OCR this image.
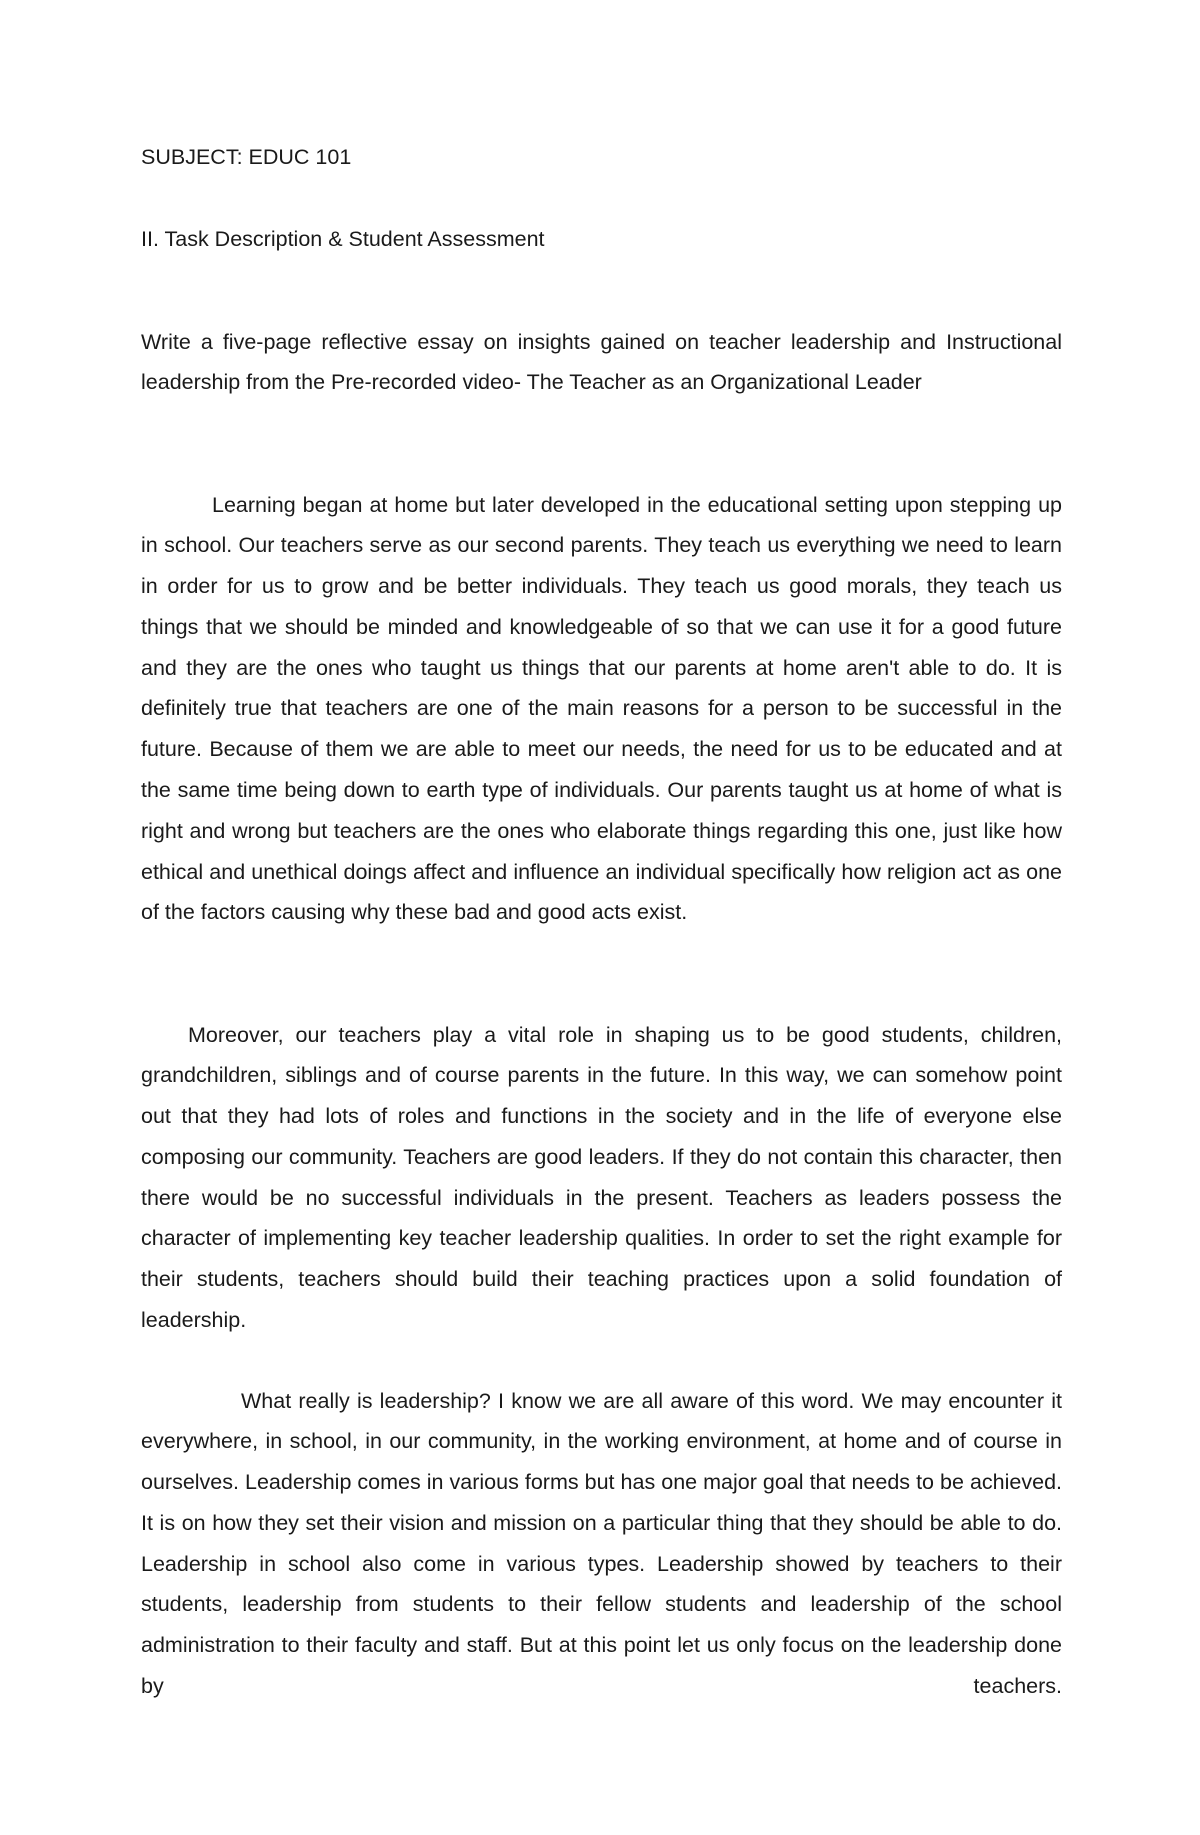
SUBJECT: EDUC 101

II. Task Description & Student Assessment

Write a five-page reflective essay on insights gained on teacher leadership and Instructional leadership from the Pre-recorded video- The Teacher as an Organizational Leader

Learning began at home but later developed in the educational setting upon stepping up in school. Our teachers serve as our second parents. They teach us everything we need to learn in order for us to grow and be better individuals. They teach us good morals, they teach us things that we should be minded and knowledgeable of so that we can use it for a good future and they are the ones who taught us things that our parents at home aren't able to do. It is definitely true that teachers are one of the main reasons for a person to be successful in the future. Because of them we are able to meet our needs, the need for us to be educated and at the same time being down to earth type of individuals. Our parents taught us at home of what is right and wrong but teachers are the ones who elaborate things regarding this one, just like how ethical and unethical doings affect and influence an individual specifically how religion act as one of the factors causing why these bad and good acts exist.

Moreover, our teachers play a vital role in shaping us to be good students, children, grandchildren, siblings and of course parents in the future. In this way, we can somehow point out that they had lots of roles and functions in the society and in the life of everyone else composing our community. Teachers are good leaders. If they do not contain this character, then there would be no successful individuals in the present. Teachers as leaders possess the character of implementing key teacher leadership qualities. In order to set the right example for their students, teachers should build their teaching practices upon a solid foundation of leadership.

What really is leadership? I know we are all aware of this word. We may encounter it everywhere, in school, in our community, in the working environment, at home and of course in ourselves. Leadership comes in various forms but has one major goal that needs to be achieved. It is on how they set their vision and mission on a particular thing that they should be able to do. Leadership in school also come in various types. Leadership showed by teachers to their students, leadership from students to their fellow students and leadership of the school administration to their faculty and staff. But at this point let us only focus on the leadership done by teachers.
